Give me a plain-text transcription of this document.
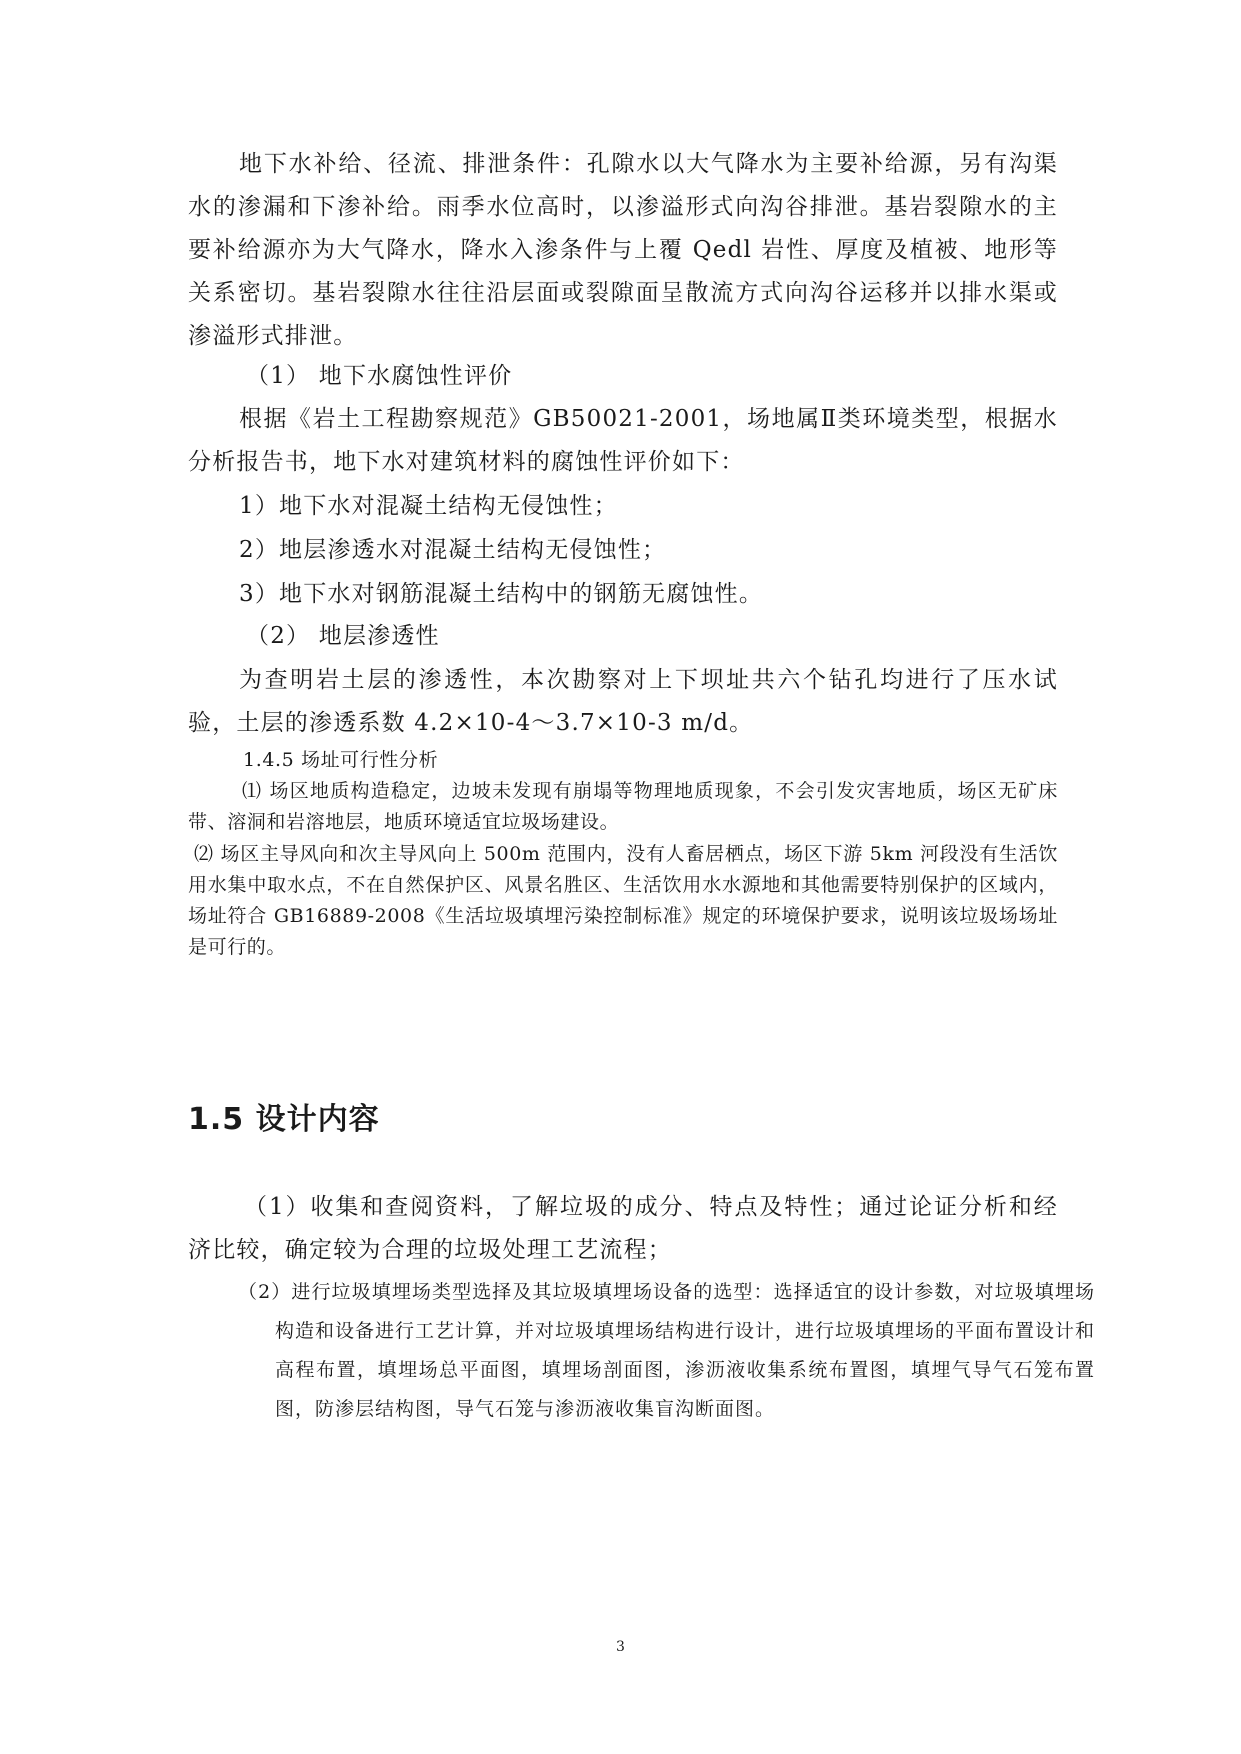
地下水补给、径流、排泄条件：孔隙水以大气降水为主要补给源，另有沟渠水的渗漏和下渗补给。雨季水位高时，以渗溢形式向沟谷排泄。基岩裂隙水的主要补给源亦为大气降水，降水入渗条件与上覆 Qedl 岩性、厚度及植被、地形等关系密切。基岩裂隙水往往沿层面或裂隙面呈散流方式向沟谷运移并以排水渠或渗溢形式排泄。

（1） 地下水腐蚀性评价

根据《岩土工程勘察规范》GB50021-2001，场地属Ⅱ类环境类型，根据水分析报告书，地下水对建筑材料的腐蚀性评价如下：

1）地下水对混凝土结构无侵蚀性；

2）地层渗透水对混凝土结构无侵蚀性；

3）地下水对钢筋混凝土结构中的钢筋无腐蚀性。

（2） 地层渗透性

为查明岩土层的渗透性，本次勘察对上下坝址共六个钻孔均进行了压水试验，土层的渗透系数 4.2×10-4～3.7×10-3 m/d。

1.4.5 场址可行性分析

⑴ 场区地质构造稳定，边坡未发现有崩塌等物理地质现象，不会引发灾害地质，场区无矿床带、溶洞和岩溶地层，地质环境适宜垃圾场建设。

⑵ 场区主导风向和次主导风向上 500m 范围内，没有人畜居栖点，场区下游 5km 河段没有生活饮用水集中取水点，不在自然保护区、风景名胜区、生活饮用水水源地和其他需要特别保护的区域内，场址符合 GB16889-2008《生活垃圾填埋污染控制标准》规定的环境保护要求，说明该垃圾场场址是可行的。

1.5 设计内容

（1）收集和查阅资料，了解垃圾的成分、特点及特性；通过论证分析和经济比较，确定较为合理的垃圾处理工艺流程；

（2）进行垃圾填埋场类型选择及其垃圾填埋场设备的选型：选择适宜的设计参数，对垃圾填埋场构造和设备进行工艺计算，并对垃圾填埋场结构进行设计，进行垃圾填埋场的平面布置设计和高程布置，填埋场总平面图，填埋场剖面图，渗沥液收集系统布置图，填埋气导气石笼布置图，防渗层结构图，导气石笼与渗沥液收集盲沟断面图。

3
